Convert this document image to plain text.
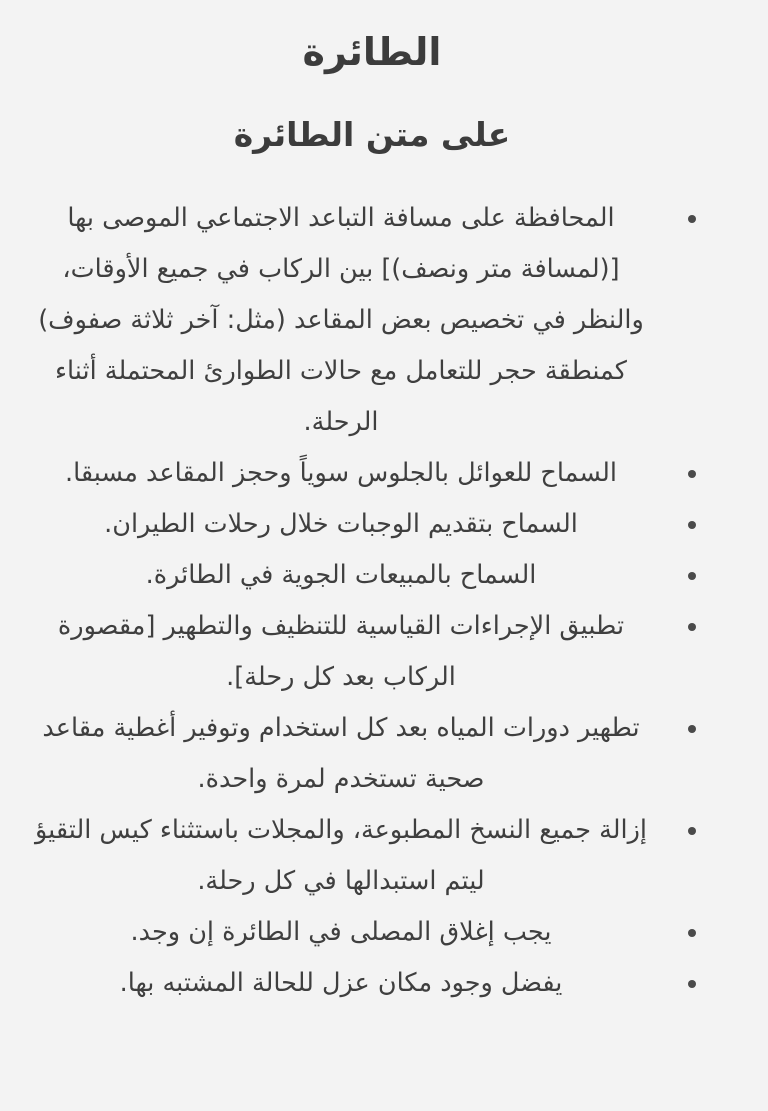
الطائرة
على متن الطائرة
المحافظة على مسافة التباعد الاجتماعي الموصى بها [(لمسافة متر ونصف)] بين الركاب في جميع الأوقات، والنظر في تخصيص بعض المقاعد (مثل: آخر ثلاثة صفوف) كمنطقة حجر للتعامل مع حالات الطوارئ المحتملة أثناء الرحلة.
السماح للعوائل بالجلوس سوياً وحجز المقاعد مسبقا.
السماح بتقديم الوجبات خلال رحلات الطيران.
السماح بالمبيعات الجوية في الطائرة.
تطبيق الإجراءات القياسية للتنظيف والتطهير [مقصورة الركاب بعد كل رحلة].
تطهير دورات المياه بعد كل استخدام وتوفير أغطية مقاعد صحية تستخدم لمرة واحدة.
إزالة جميع النسخ المطبوعة، والمجلات باستثناء كيس التقيؤ ليتم استبدالها في كل رحلة.
يجب إغلاق المصلى في الطائرة إن وجد.
يفضل وجود مكان عزل للحالة المشتبه بها.
